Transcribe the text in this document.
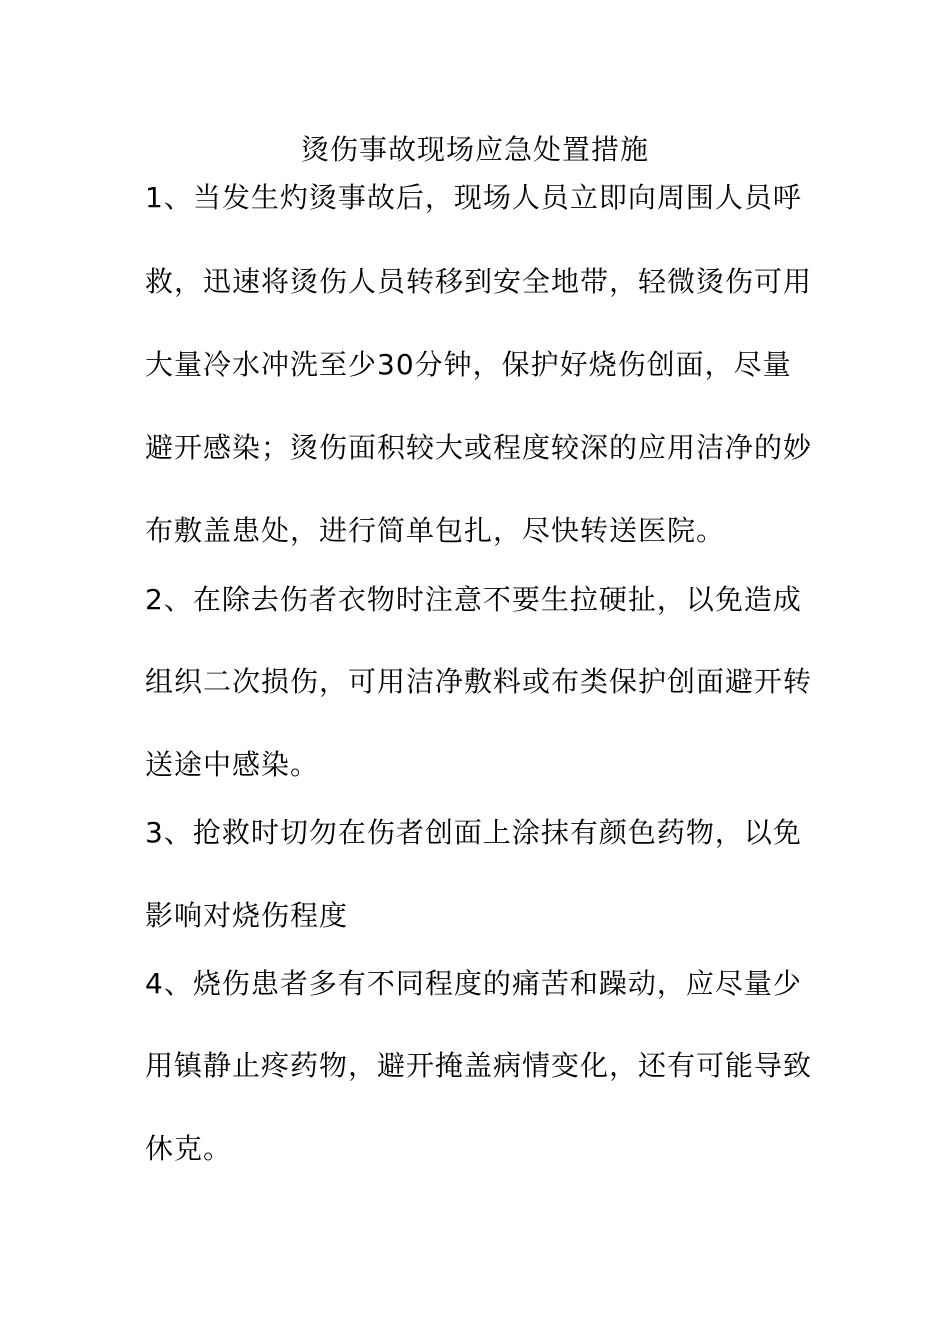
烫伤事故现场应急处置措施
1、当发生灼烫事故后，现场人员立即向周围人员呼
救，迅速将烫伤人员转移到安全地带，轻微烫伤可用
大量冷水冲洗至少30分钟，保护好烧伤创面，尽量
避开感染；烫伤面积较大或程度较深的应用洁净的妙
布敷盖患处，进行简单包扎，尽快转送医院。
2、在除去伤者衣物时注意不要生拉硬扯，以免造成
组织二次损伤，可用洁净敷料或布类保护创面避开转
送途中感染。
3、抢救时切勿在伤者创面上涂抹有颜色药物，以免
影响对烧伤程度
4、烧伤患者多有不同程度的痛苦和躁动，应尽量少
用镇静止疼药物，避开掩盖病情变化，还有可能导致
休克。
